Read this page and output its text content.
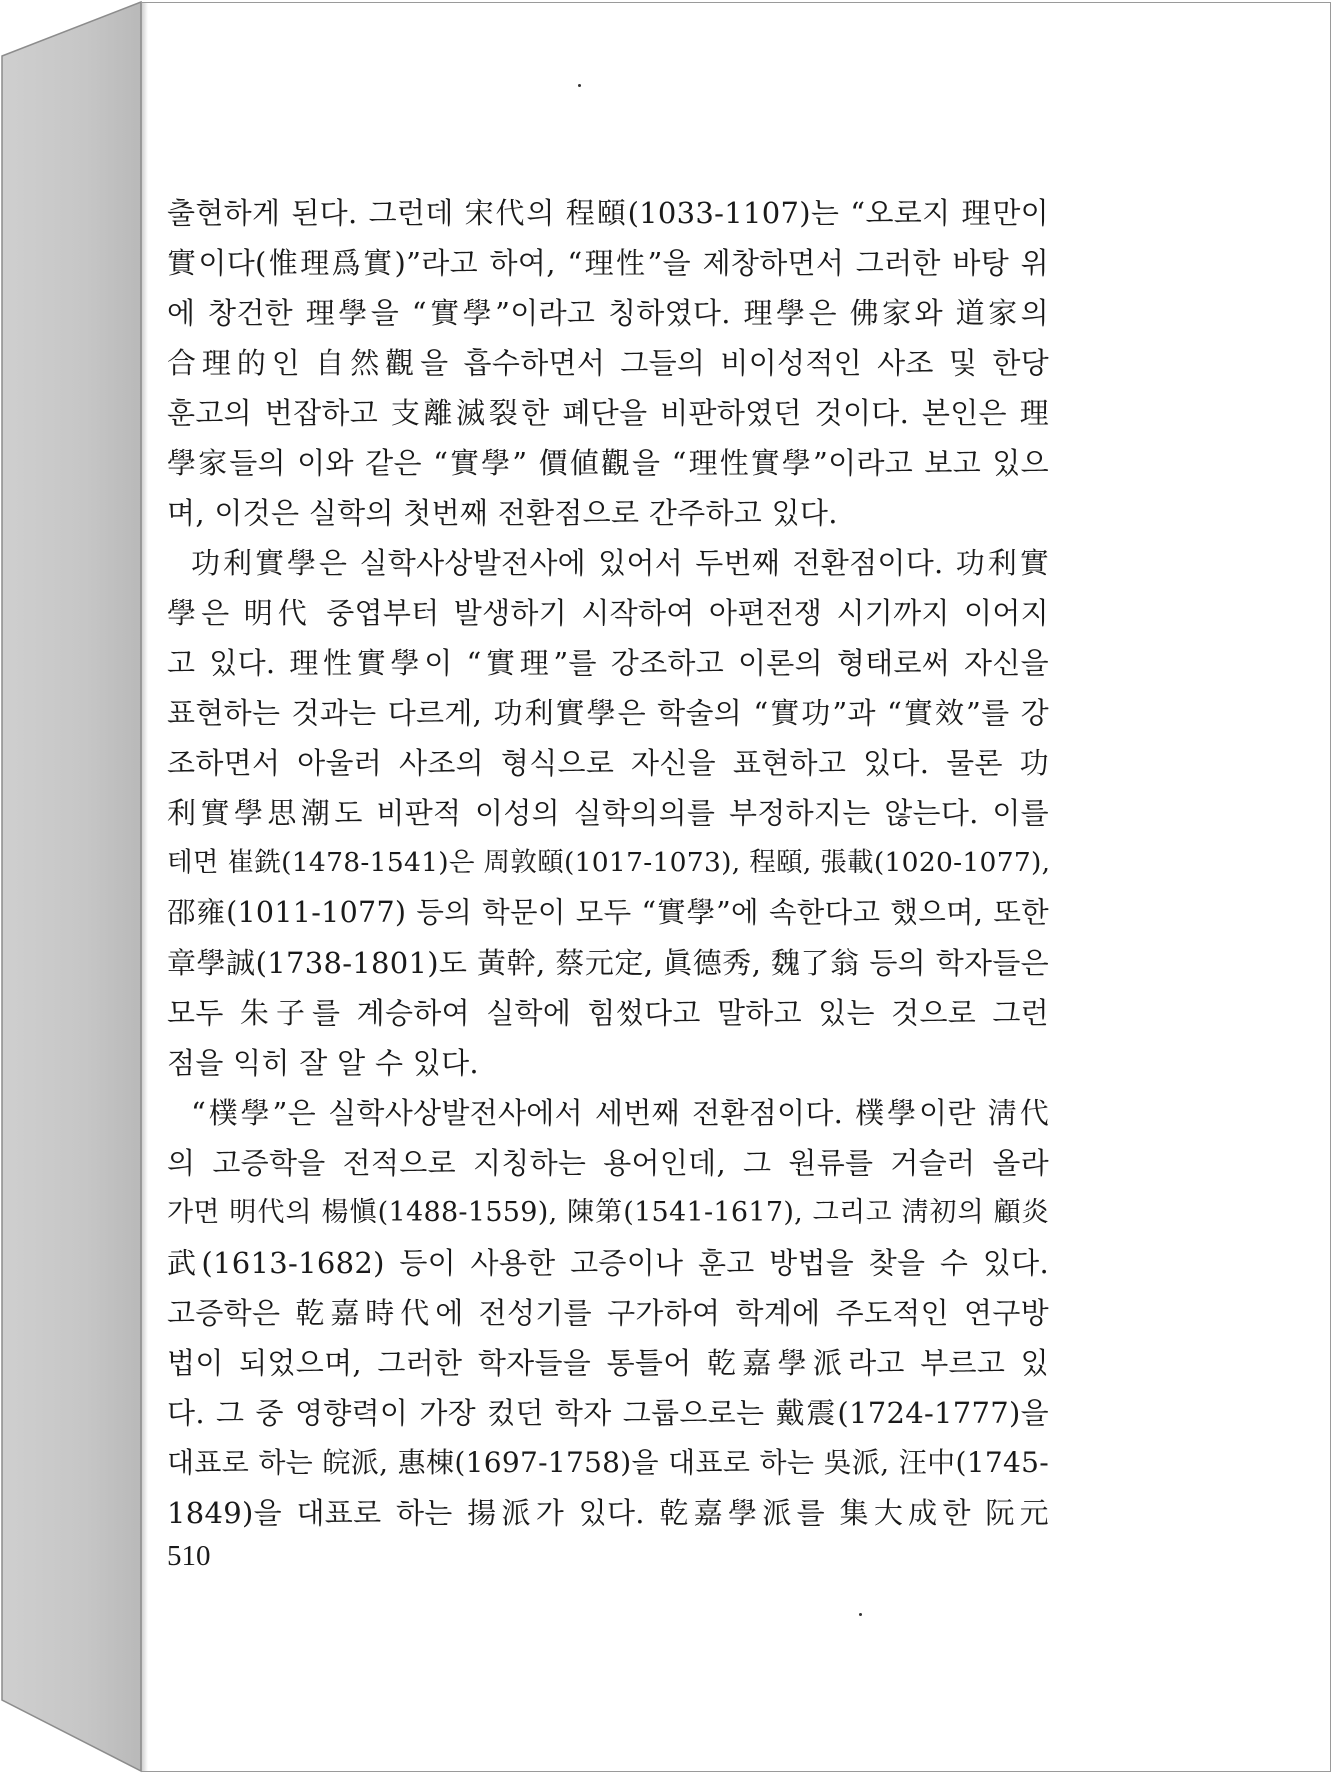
출현하게 된다. 그런데 宋代의 程頤(1033-1107)는 “오로지 理만이
實이다(惟理爲實)”라고 하여, “理性”을 제창하면서 그러한 바탕 위
에 창건한 理學을 “實學”이라고 칭하였다. 理學은 佛家와 道家의
合理的인 自然觀을 흡수하면서 그들의 비이성적인 사조 및 한당
훈고의 번잡하고 支離滅裂한 폐단을 비판하였던 것이다. 본인은 理
學家들의 이와 같은 “實學” 價値觀을 “理性實學”이라고 보고 있으
며, 이것은 실학의 첫번째 전환점으로 간주하고 있다.
功利實學은 실학사상발전사에 있어서 두번째 전환점이다. 功利實
學은 明代 중엽부터 발생하기 시작하여 아편전쟁 시기까지 이어지
고 있다. 理性實學이 “實理”를 강조하고 이론의 형태로써 자신을
표현하는 것과는 다르게, 功利實學은 학술의 “實功”과 “實效”를 강
조하면서 아울러 사조의 형식으로 자신을 표현하고 있다. 물론 功
利實學思潮도 비판적 이성의 실학의의를 부정하지는 않는다. 이를
테면 崔銑(1478-1541)은 周敦頤(1017-1073), 程頤, 張載(1020-1077),
邵雍(1011-1077) 등의 학문이 모두 “實學”에 속한다고 했으며, 또한
章學誠(1738-1801)도 黃幹, 蔡元定, 眞德秀, 魏了翁 등의 학자들은
모두 朱子를 계승하여 실학에 힘썼다고 말하고 있는 것으로 그런
점을 익히 잘 알 수 있다.
“樸學”은 실학사상발전사에서 세번째 전환점이다. 樸學이란 淸代
의 고증학을 전적으로 지칭하는 용어인데, 그 원류를 거슬러 올라
가면 明代의 楊愼(1488-1559), 陳第(1541-1617), 그리고 淸初의 顧炎
武(1613-1682) 등이 사용한 고증이나 훈고 방법을 찾을 수 있다.
고증학은 乾嘉時代에 전성기를 구가하여 학계에 주도적인 연구방
법이 되었으며, 그러한 학자들을 통틀어 乾嘉學派라고 부르고 있
다. 그 중 영향력이 가장 컸던 학자 그룹으로는 戴震(1724-1777)을
대표로 하는 皖派, 惠棟(1697-1758)을 대표로 하는 吳派, 汪中(1745-
1849)을 대표로 하는 揚派가 있다. 乾嘉學派를 集大成한 阮元
510
